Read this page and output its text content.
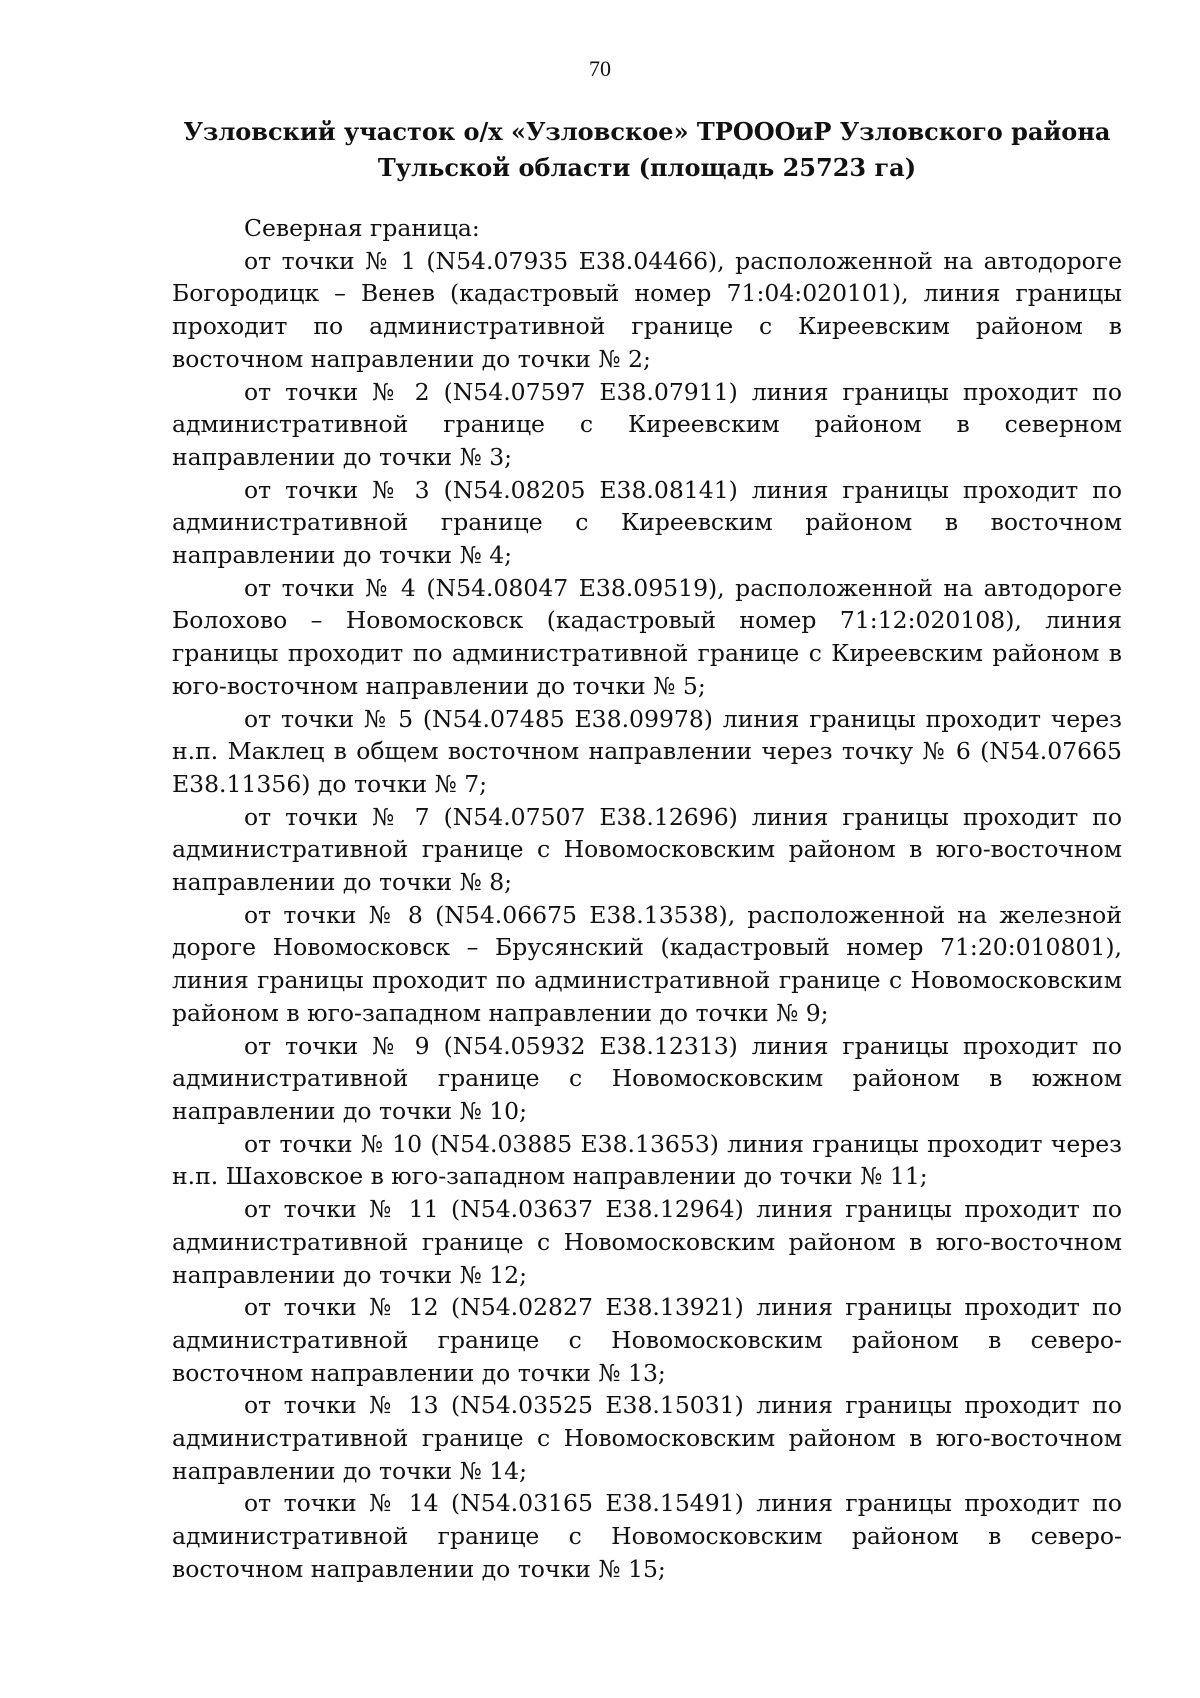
70
Узловский участок о/х «Узловское» ТРОООиР Узловского района
Тульской области (площадь 25723 га)

Северная граница:

от точки № 1 (N54.07935 E38.04466), расположенной на автодороге Богородицк – Венев (кадастровый номер 71:04:020101), линия границы проходит по административной границе с Киреевским районом в восточном направлении до точки № 2;

от точки № 2 (N54.07597 E38.07911) линия границы проходит по административной границе с Киреевским районом в северном направлении до точки № 3;

от точки № 3 (N54.08205 E38.08141) линия границы проходит по административной границе с Киреевским районом в восточном направлении до точки № 4;

от точки № 4 (N54.08047 E38.09519), расположенной на автодороге Болохово – Новомосковск (кадастровый номер 71:12:020108), линия границы проходит по административной границе с Киреевским районом в юго-восточном направлении до точки № 5;

от точки № 5 (N54.07485 E38.09978) линия границы проходит через н.п. Маклец в общем восточном направлении через точку № 6 (N54.07665 E38.11356) до точки № 7;

от точки № 7 (N54.07507 E38.12696) линия границы проходит по административной границе с Новомосковским районом в юго-восточном направлении до точки № 8;

от точки № 8 (N54.06675 E38.13538), расположенной на железной дороге Новомосковск – Брусянский (кадастровый номер 71:20:010801), линия границы проходит по административной границе с Новомосковским районом в юго-западном направлении до точки № 9;

от точки № 9 (N54.05932 E38.12313) линия границы проходит по административной границе с Новомосковским районом в южном направлении до точки № 10;

от точки № 10 (N54.03885 E38.13653) линия границы проходит через н.п. Шаховское в юго-западном направлении до точки № 11;

от точки № 11 (N54.03637 E38.12964) линия границы проходит по административной границе с Новомосковским районом в юго-восточном направлении до точки № 12;

от точки № 12 (N54.02827 E38.13921) линия границы проходит по административной границе с Новомосковским районом в северо-восточном направлении до точки № 13;

от точки № 13 (N54.03525 E38.15031) линия границы проходит по административной границе с Новомосковским районом в юго-восточном направлении до точки № 14;

от точки № 14 (N54.03165 E38.15491) линия границы проходит по административной границе с Новомосковским районом в северо-восточном направлении до точки № 15;
